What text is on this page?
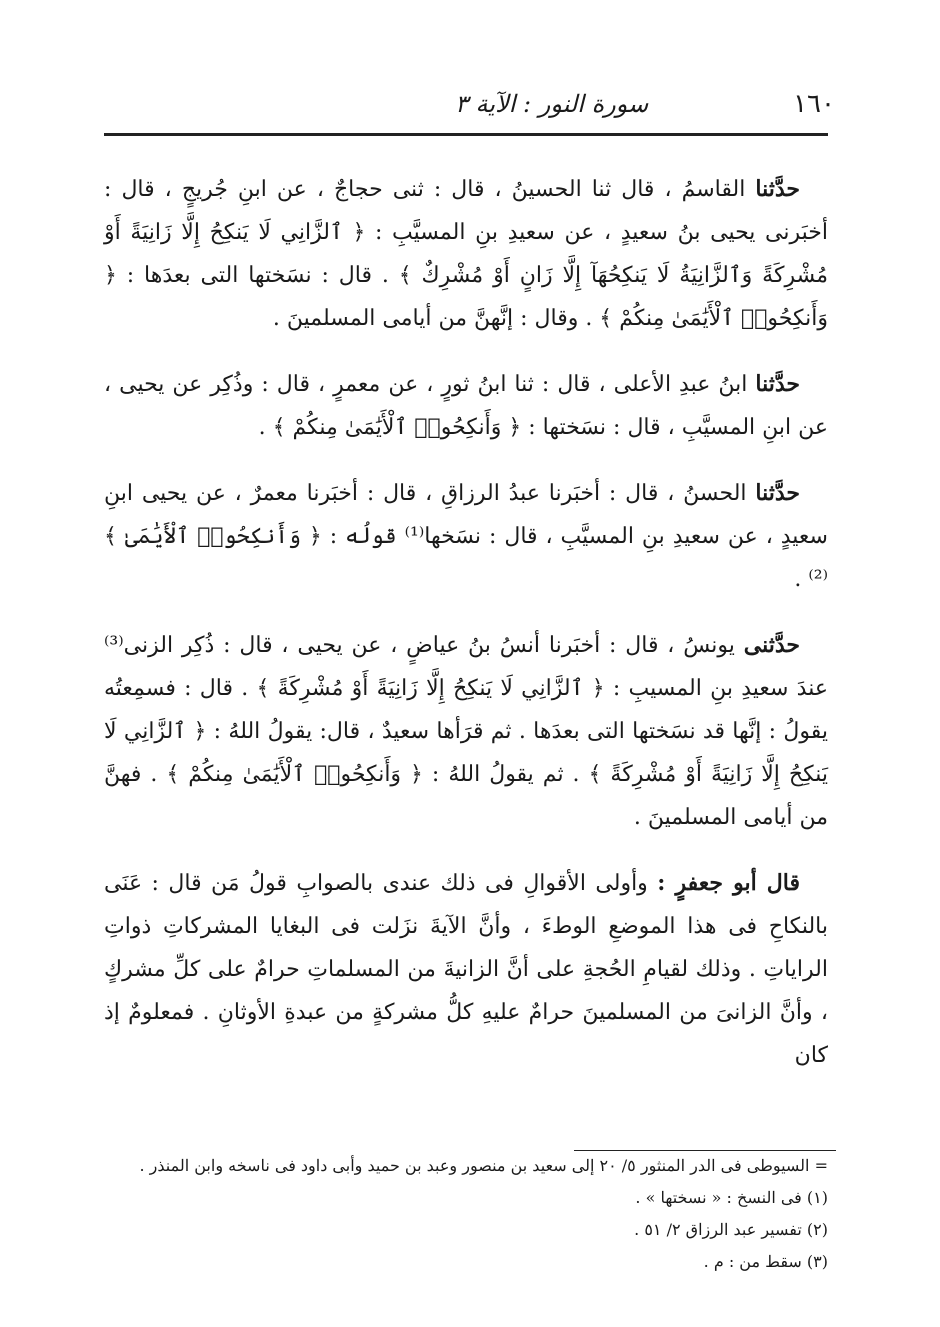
١٦٠
سورة النور : الآية ٣

حدَّثنا القاسمُ ، قال ثنا الحسينُ ، قال : ثنى حجاجٌ ، عن ابنِ جُريجٍ ، قال : أخبَرنى يحيى بنُ سعيدٍ ، عن سعيدِ بنِ المسيَّبِ : ﴿ ٱلزَّانِي لَا يَنكِحُ إِلَّا زَانِيَةً أَوْ مُشْرِكَةً وَٱلزَّانِيَةُ لَا يَنكِحُهَآ إِلَّا زَانٍ أَوْ مُشْرِكٌ ﴾ . قال : نسَختها التى بعدَها : ﴿ وَأَنكِحُوا۟ ٱلْأَيَٰمَىٰ مِنكُمْ ﴾ . وقال : إنَّهنَّ من أيامى المسلمينَ .

حدَّثنا ابنُ عبدِ الأعلى ، قال : ثنا ابنُ ثورٍ ، عن معمرٍ ، قال : وذُكِر عن يحيى ، عن ابنِ المسيَّبِ ، قال : نسَختها : ﴿ وَأَنكِحُوا۟ ٱلْأَيَٰمَىٰ مِنكُمْ ﴾ .

حدَّثنا الحسنُ ، قال : أخبَرنا عبدُ الرزاقِ ، قال : أخبَرنا معمرٌ ، عن يحيى ابنِ سعيدٍ ، عن سعيدِ بنِ المسيَّبِ ، قال : نسَخها⁽¹⁾ قولُه : ﴿ وَأَنكِحُوا۟ ٱلْأَيَٰمَىٰ ﴾⁽²⁾ .

حدَّثنى يونسُ ، قال : أخبَرنا أنسُ بنُ عياضٍ ، عن يحيى ، قال : ذُكِر الزنى⁽³⁾ عندَ سعيدِ بنِ المسيبِ : ﴿ ٱلزَّانِي لَا يَنكِحُ إِلَّا زَانِيَةً أَوْ مُشْرِكَةً ﴾ . قال : فسمِعتُه يقولُ : إنَّها قد نسَختها التى بعدَها . ثم قرَأها سعيدٌ ، قال: يقولُ اللهُ : ﴿ ٱلزَّانِي لَا يَنكِحُ إِلَّا زَانِيَةً أَوْ مُشْرِكَةً ﴾ . ثم يقولُ اللهُ : ﴿ وَأَنكِحُوا۟ ٱلْأَيَٰمَىٰ مِنكُمْ ﴾ . فهنَّ من أيامى المسلمينَ .

قال أبو جعفرٍ : وأولى الأقوالِ فى ذلك عندى بالصوابِ قولُ مَن قال : عَنَى بالنكاحِ فى هذا الموضعِ الوطءَ ، وأنَّ الآيةَ نزَلت فى البغايا المشركاتِ ذواتِ الراياتِ . وذلك لقيامِ الحُجةِ على أنَّ الزانيةَ من المسلماتِ حرامٌ على كلِّ مشركٍ ، وأنَّ الزانىَ من المسلمينَ حرامٌ عليهِ كلُّ مشركةٍ من عبدةِ الأوثانِ . فمعلومٌ إذ كان

= السيوطى فى الدر المنثور ٥/ ٢٠ إلى سعيد بن منصور وعبد بن حميد وأبى داود فى ناسخه وابن المنذر .
(١) فى النسخ : « نسختها » .
(٢) تفسير عبد الرزاق ٢/ ٥١ .
(٣) سقط من : م .
